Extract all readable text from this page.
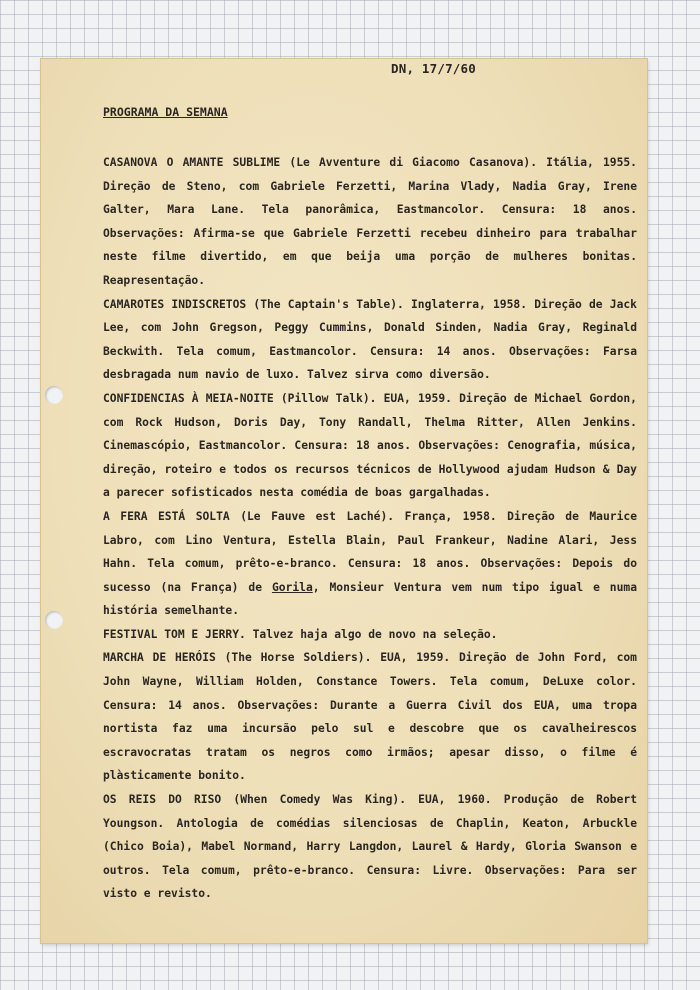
DN, 17/7/60
PROGRAMA DA SEMANA

CASANOVA O AMANTE SUBLIME (Le Avventure di Giacomo Casanova). Itália, 1955. Direção de Steno, com Gabriele Ferzetti, Marina Vlady, Nadia Gray, Irene Galter, Mara Lane. Tela panorâmica, Eastmancolor. Censura: 18 anos. Observações: Afirma-se que Gabriele Ferzetti recebeu dinheiro para trabalhar neste filme divertido, em que beija uma porção de mulheres bonitas. Reapresentação.

CAMAROTES INDISCRETOS (The Captain's Table). Inglaterra, 1958. Direção de Jack Lee, com John Gregson, Peggy Cummins, Donald Sinden, Nadia Gray, Reginald Beckwith. Tela comum, Eastmancolor. Censura: 14 anos. Observações: Farsa desbragada num navio de luxo. Talvez sirva como diversão.

CONFIDENCIAS À MEIA-NOITE (Pillow Talk). EUA, 1959. Direção de Michael Gordon, com Rock Hudson, Doris Day, Tony Randall, Thelma Ritter, Allen Jenkins. Cinemascópio, Eastmancolor. Censura: 18 anos. Observações: Cenografia, música, direção, roteiro e todos os recursos técnicos de Hollywood ajudam Hudson & Day a parecer sofisticados nesta comédia de boas gargalhadas.

A FERA ESTÁ SOLTA (Le Fauve est Laché). França, 1958. Direção de Maurice Labro, com Lino Ventura, Estella Blain, Paul Frankeur, Nadine Alari, Jess Hahn. Tela comum, prêto-e-branco. Censura: 18 anos. Observações: Depois do sucesso (na França) de Gorila, Monsieur Ventura vem num tipo igual e numa história semelhante.

FESTIVAL TOM E JERRY. Talvez haja algo de novo na seleção.

MARCHA DE HERÓIS (The Horse Soldiers). EUA, 1959. Direção de John Ford, com John Wayne, William Holden, Constance Towers. Tela comum, DeLuxe color. Censura: 14 anos. Observações: Durante a Guerra Civil dos EUA, uma tropa nortista faz uma incursão pelo sul e descobre que os cavalheirescos escravocratas tratam os negros como irmãos; apesar disso, o filme é plàsticamente bonito.

OS REIS DO RISO (When Comedy Was King). EUA, 1960. Produção de Robert Youngson. Antologia de comédias silenciosas de Chaplin, Keaton, Arbuckle (Chico Boia), Mabel Normand, Harry Langdon, Laurel & Hardy, Gloria Swanson e outros. Tela comum, prêto-e-branco. Censura: Livre. Observações: Para ser visto e revisto.
